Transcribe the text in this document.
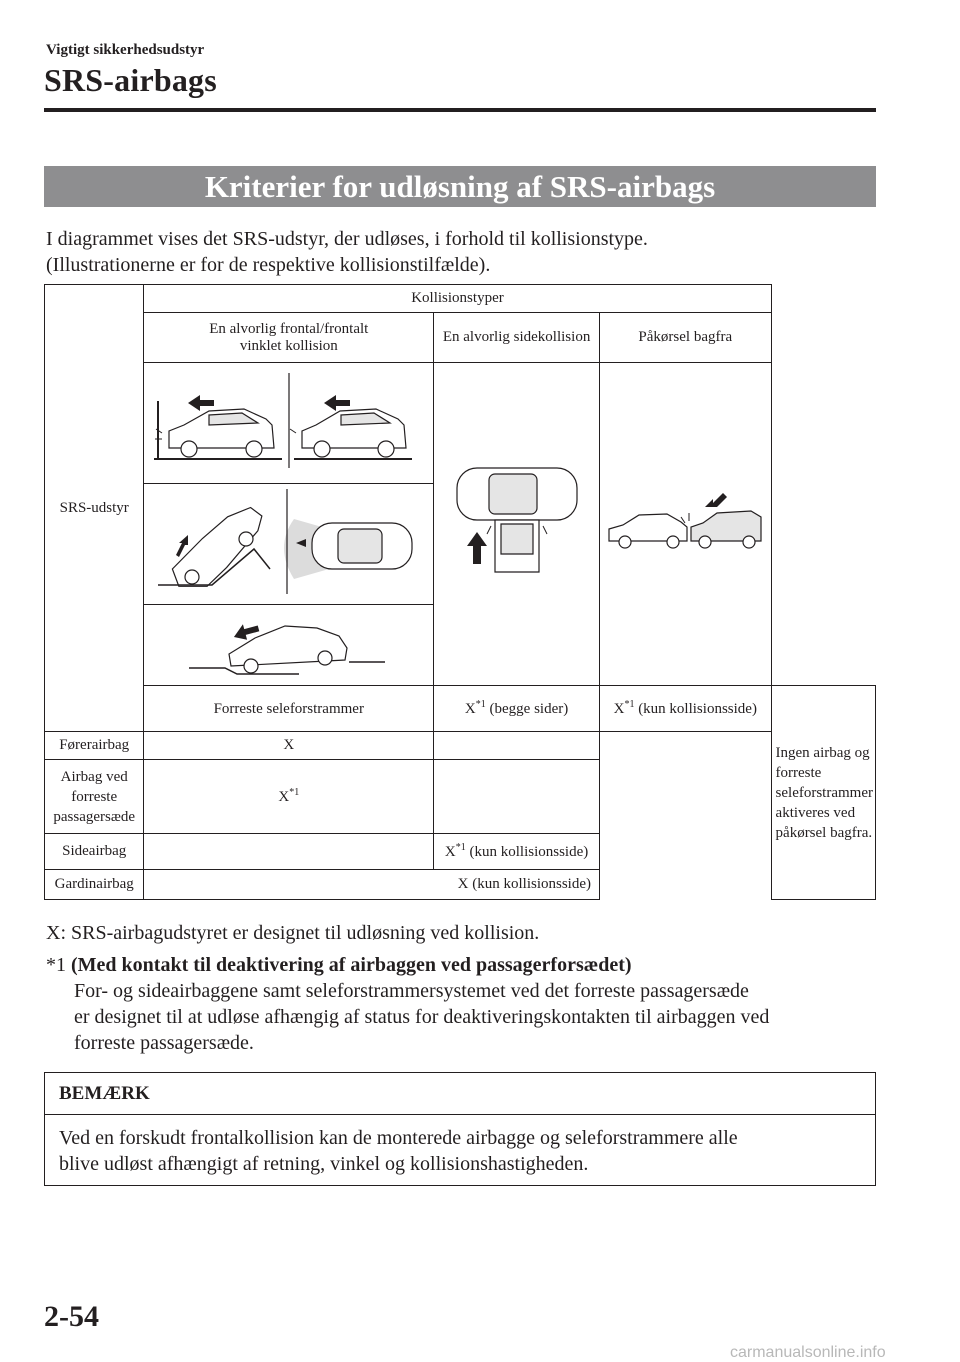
Vigtigt sikkerhedsudstyr
SRS-airbags
Kriterier for udløsning af SRS-airbags
I diagrammet vises det SRS-udstyr, der udløses, i forhold til kollisionstype.
(Illustrationerne er for de respektive kollisionstilfælde).
SRS-udstyr	Kollisionstyper			
	En alvorlig frontal/frontalt vinklet kollision	En alvorlig sidekollision	Påkørsel bagfra	

	Forreste seleforstrammer	$X^{*1}$ (begge sider)	$X^{*1}$ (kun kollisionsside)	Ingen airbag og forreste seleforstrammer aktiveres ved påkørsel bagfra.
Førerairbag	X			
Airbag ved forreste passagersæde	$X^{*1}$	
Sideairbag		$X^{*1}$ (kun kollisionsside)		
Gardinairbag	X (kun kollisionsside)			
X: SRS-airbagudstyret er designet til udløsning ved kollision.
*1 (Med kontakt til deaktivering af airbaggen ved passagerforsædet)
For- og sideairbaggene samt seleforstrammersystemet ved det forreste passagersæde
er designet til at udløse afhængig af status for deaktiveringskontakten til airbaggen ved
forreste passagersæde.
BEMÆRK
Ved en forskudt frontalkollision kan de monterede airbagge og seleforstrammere alle
blive udløst afhængigt af retning, vinkel og kollisionshastigheden.
2-54
carmanualsonline.info
